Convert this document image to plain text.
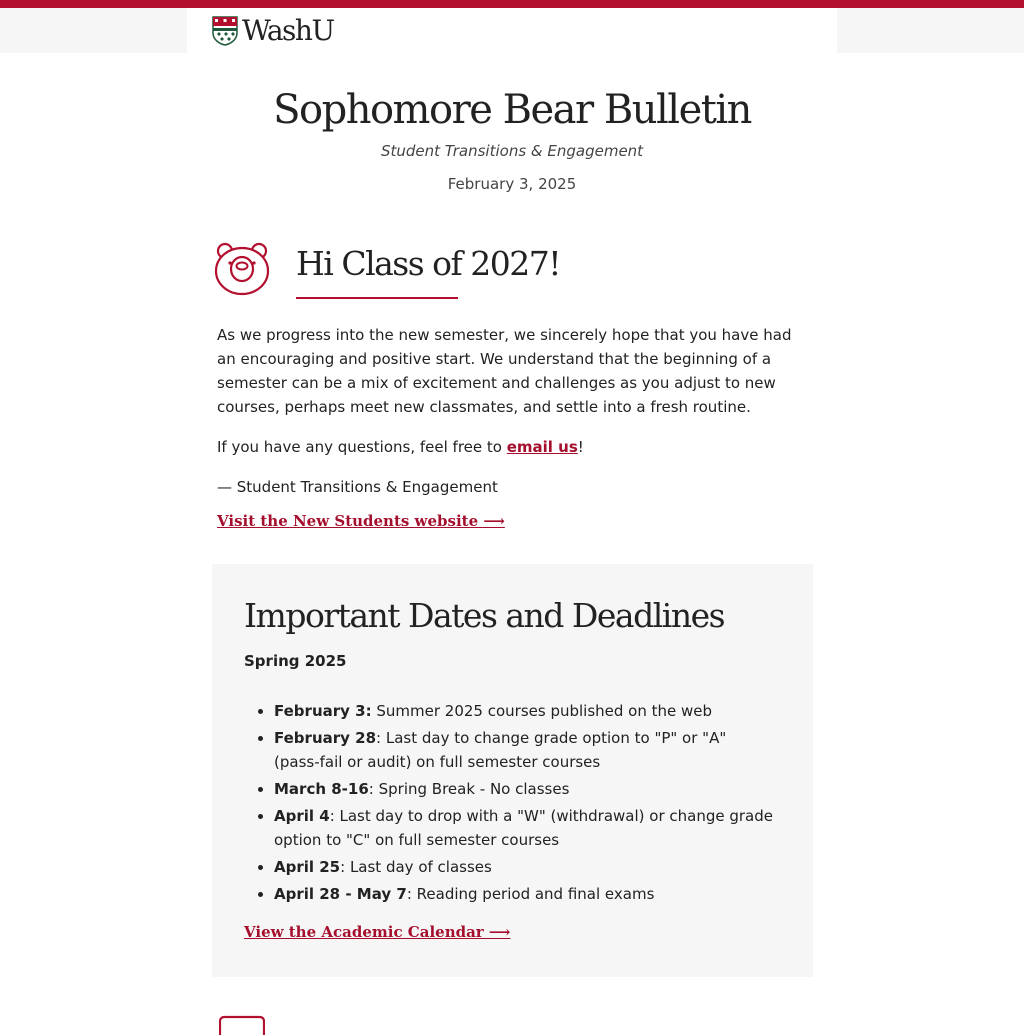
WashU
Sophomore Bear Bulletin
Student Transitions & Engagement
February 3, 2025
Hi Class of 2027!

As we progress into the new semester, we sincerely hope that you have had an encouraging and positive start. We understand that the beginning of a semester can be a mix of excitement and challenges as you adjust to new courses, perhaps meet new classmates, and settle into a fresh routine.

If you have any questions, feel free to email us!

— Student Transitions & Engagement

Visit the New Students website ⟶
Important Dates and Deadlines
Spring 2025
• February 3: Summer 2025 courses published on the web
• February 28: Last day to change grade option to "P" or "A" (pass-fail or audit) on full semester courses
• March 8-16: Spring Break - No classes
• April 4: Last day to drop with a "W" (withdrawal) or change grade option to "C" on full semester courses
• April 25: Last day of classes
• April 28 - May 7: Reading period and final exams
View the Academic Calendar ⟶
